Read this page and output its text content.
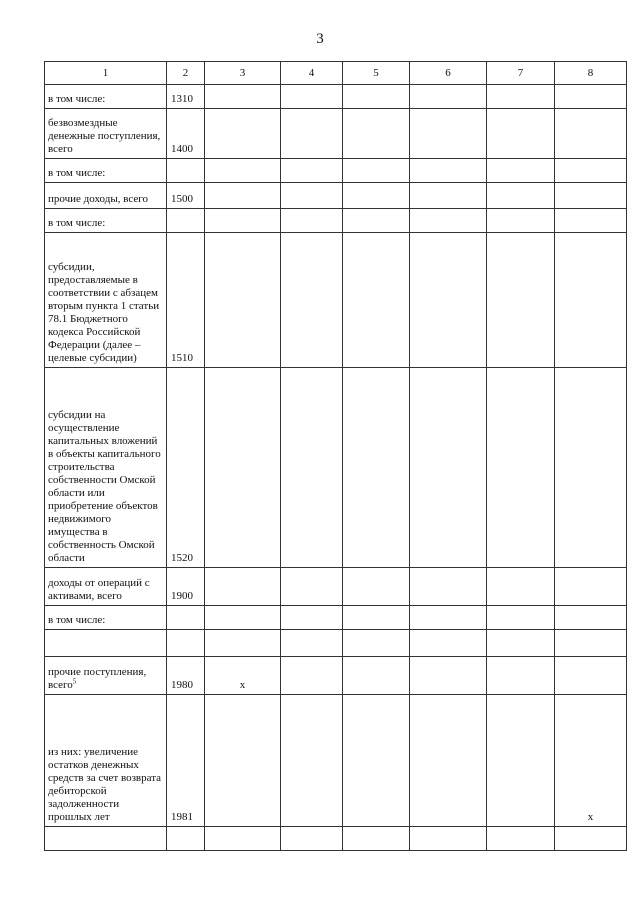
3
1	2	3	4	5	6	7	8
в том числе:	1310						
безвозмездные денежные поступления, всего	1400						
в том числе:							
прочие доходы, всего	1500						
в том числе:							
субсидии, предоставляемые в соответствии с абзацем вторым пункта 1 статьи 78.1 Бюджетного кодекса Российской Федерации (далее – целевые субсидии)	1510						
субсидии на осуществление капитальных вложений в объекты капитального строительства собственности Омской области или приобретение объектов недвижимого имущества в собственность Омской области	1520						
доходы от операций с активами, всего	1900						
в том числе:							

прочие поступления, всего$^5$	1980	x					
из них: увеличение остатков денежных средств за счет возврата дебиторской задолженности прошлых лет	1981						x
